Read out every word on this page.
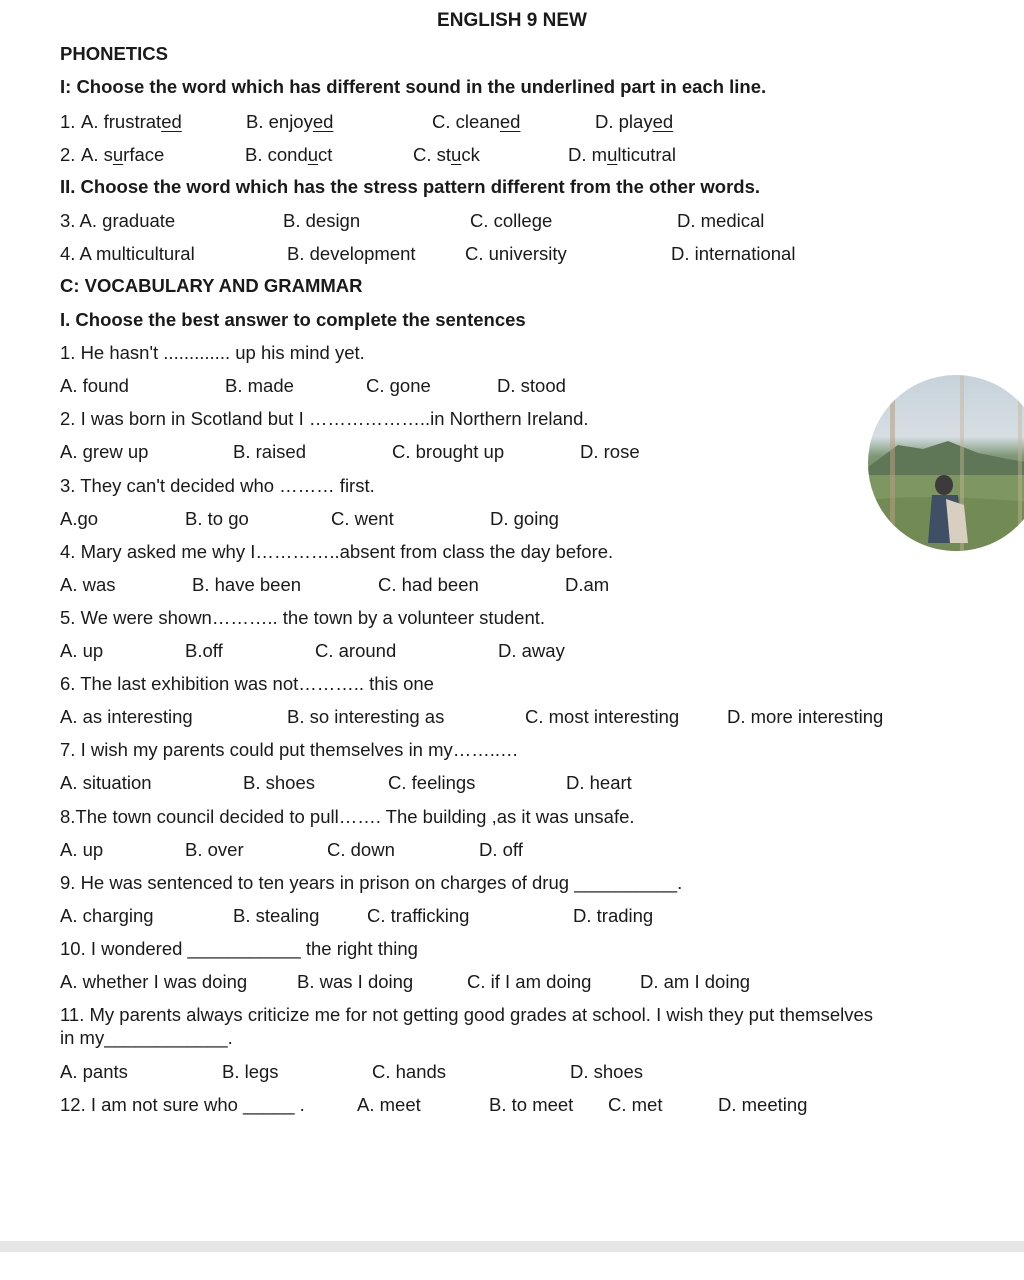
ENGLISH 9 NEW
PHONETICS
I: Choose the word which has different sound in the underlined part in each line.
1. A. frustrated	B. enjoyed	C. cleaned	D. played
2. A. surface	B. conduct	C. stuck	D. multicutral
II. Choose the word which has the stress pattern different from the other words.
3. A. graduate	B. design	C. college	D. medical
4. A multicultural	B. development	C. university	D. international
C: VOCABULARY AND GRAMMAR
I. Choose the best answer to complete the sentences
1. He hasn't ............. up his mind yet.
A. found	B. made	C. gone	D. stood
2. I was born in Scotland but I ………………..in Northern Ireland.
A. grew up	B. raised	C. brought up	D. rose
3. They can't decided who ……… first.
A.go	B. to go	C. went	D. going
4. Mary asked me why I…………..absent from class the day before.
A. was	B. have been	C. had been	D.am
5. We were shown……….. the town by a volunteer student.
A. up	B.off	C. around	D. away
6. The last exhibition was not……….. this one
A. as interesting	B. so interesting as	C. most interesting	D. more interesting
7. I wish my parents could put themselves in my……..…
A. situation	B. shoes	C. feelings	D. heart
8.The town council decided to pull……. The building ,as it was unsafe.
A. up	B. over	C. down	D. off
9. He was sentenced to ten years in prison on charges of drug __________.
A. charging	B. stealing	C. trafficking	D. trading
10. I wondered ___________ the right thing
A. whether I was doing	B. was I doing	C. if I am doing	D. am I doing
11. My parents always criticize me for not getting good grades at school. I wish they put themselves
in my____________.
A. pants	B. legs	C. hands	D. shoes
12. I am not sure who _____ .	A. meet	B. to meet C. met	D. meeting
